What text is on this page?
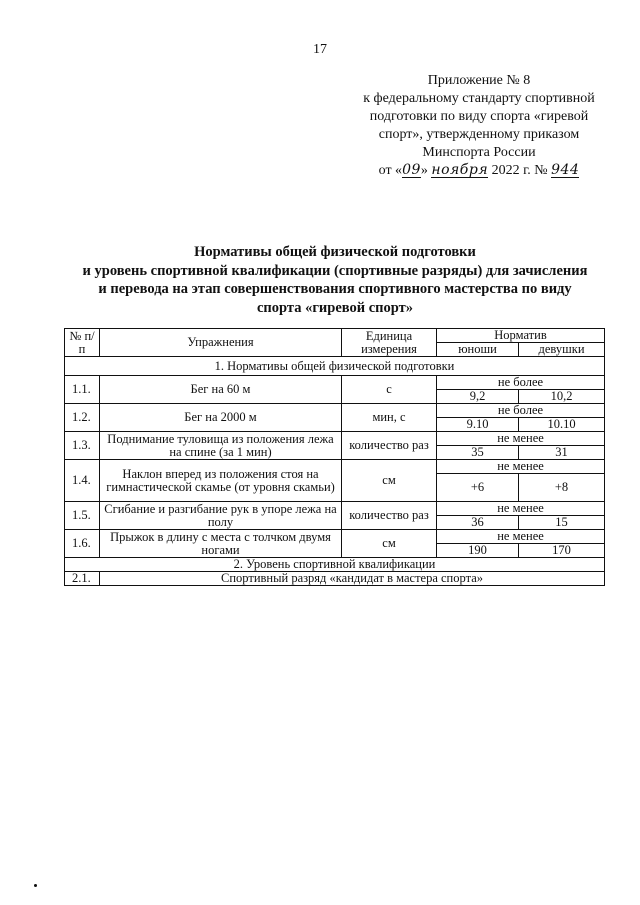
17
Приложение № 8
к федеральному стандарту спортивной
подготовки по виду спорта «гиревой
спорт», утвержденному приказом
Минспорта России
от «09» ноября 2022 г. № 944
Нормативы общей физической подготовки
и уровень спортивной квалификации (спортивные разряды) для зачисления
и перевода на этап совершенствования спортивного мастерства по виду
спорта «гиревой спорт»
№ п/п	Упражнения	Единица измерения	Норматив	
			юноши	девушки
1. Нормативы общей физической подготовки				
1.1.	Бег на 60 м	с	не более	
			9,2	10,2
1.2.	Бег на 2000 м	мин, с	не более	
			9.10	10.10
1.3.	Поднимание туловища из положения лежа на спине (за 1 мин)	количество раз	не менее	
			35	31
1.4.	Наклон вперед из положения стоя на гимнастической скамье (от уровня скамьи)	см	не менее	
			+6	+8
1.5.	Сгибание и разгибание рук в упоре лежа на полу	количество раз	не менее	
			36	15
1.6.	Прыжок в длину с места с толчком двумя ногами	см	не менее	
			190	170
2. Уровень спортивной квалификации				
2.1.	Спортивный разряд «кандидат в мастера спорта»			
